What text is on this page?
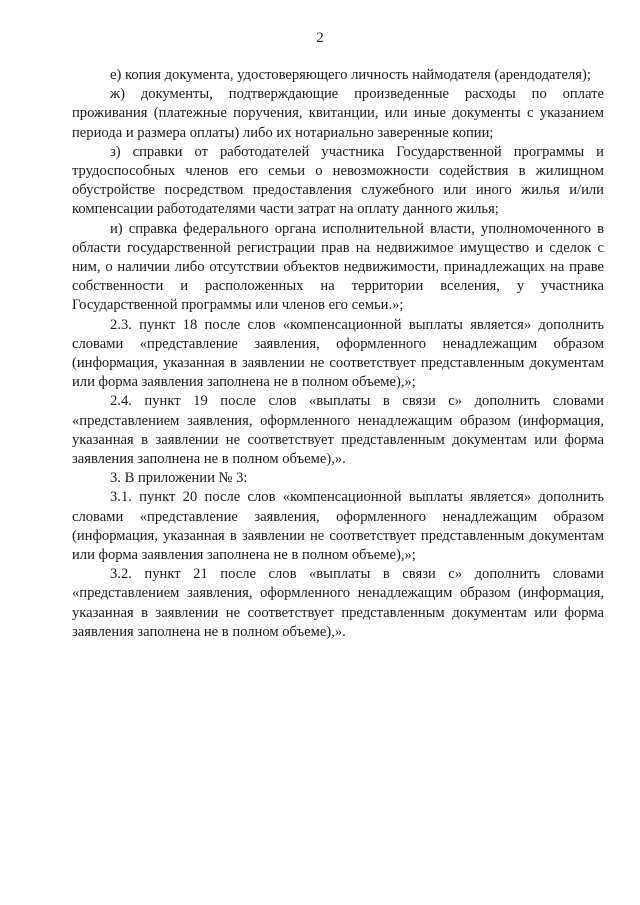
2

е) копия документа, удостоверяющего личность наймодателя (арендодателя);

ж) документы, подтверждающие произведенные расходы по оплате проживания (платежные поручения, квитанции, или иные документы с указанием периода и размера оплаты) либо их нотариально заверенные копии;

з) справки от работодателей участника Государственной программы и трудоспособных членов его семьи о невозможности содействия в жилищном обустройстве посредством предоставления служебного или иного жилья и/или компенсации работодателями части затрат на оплату данного жилья;

и) справка федерального органа исполнительной власти, уполномоченного в области государственной регистрации прав на недвижимое имущество и сделок с ним, о наличии либо отсутствии объектов недвижимости, принадлежащих на праве собственности и расположенных на территории вселения, у участника Государственной программы или членов его семьи.»;

2.3. пункт 18 после слов «компенсационной выплаты является» дополнить словами «представление заявления, оформленного ненадлежащим образом (информация, указанная в заявлении не соответствует представленным документам или форма заявления заполнена не в полном объеме),»;

2.4. пункт 19 после слов «выплаты в связи с» дополнить словами «представлением заявления, оформленного ненадлежащим образом (информация, указанная в заявлении не соответствует представленным документам или форма заявления заполнена не в полном объеме),».

3. В приложении № 3:

3.1. пункт 20 после слов «компенсационной выплаты является» дополнить словами «представление заявления, оформленного ненадлежащим образом (информация, указанная в заявлении не соответствует представленным документам или форма заявления заполнена не в полном объеме),»;

3.2. пункт 21 после слов «выплаты в связи с» дополнить словами «представлением заявления, оформленного ненадлежащим образом (информация, указанная в заявлении не соответствует представленным документам или форма заявления заполнена не в полном объеме),».
